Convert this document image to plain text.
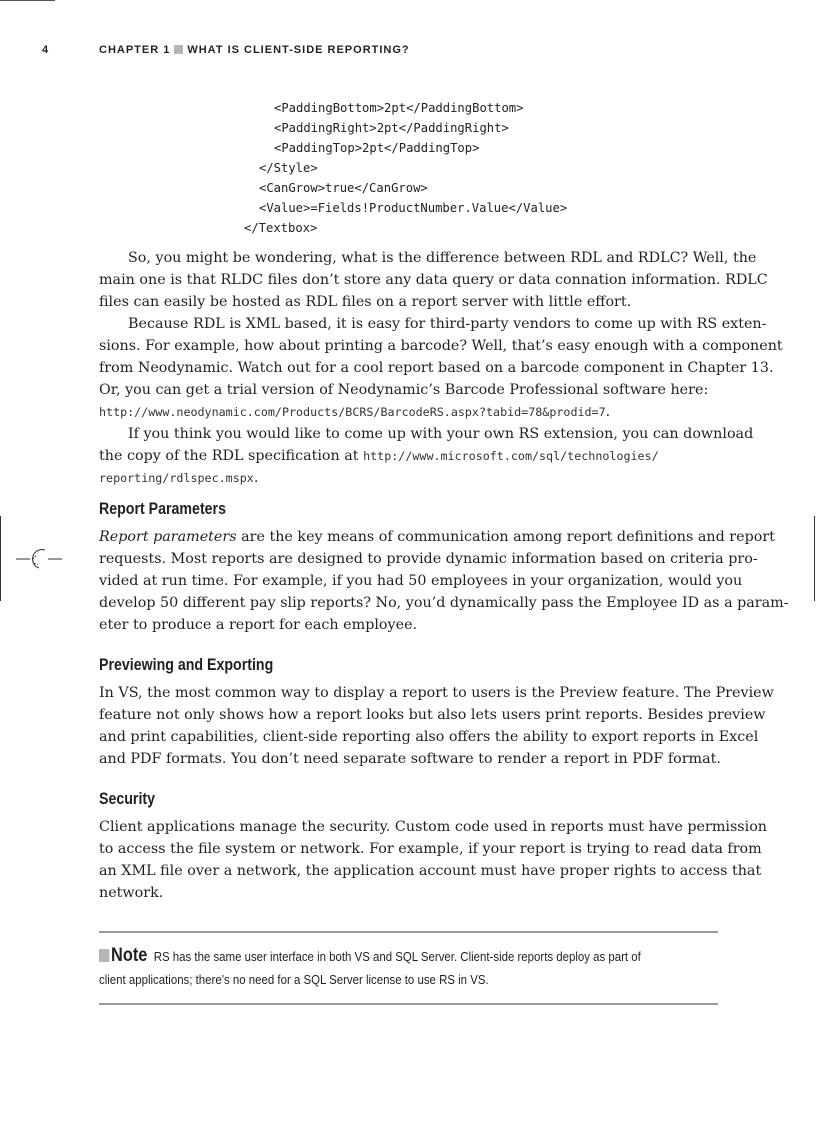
4	CHAPTER 1 WHAT IS CLIENT-SIDE REPORTING?
<PaddingBottom>2pt</PaddingBottom>
<PaddingRight>2pt</PaddingRight>
<PaddingTop>2pt</PaddingTop>
</Style>
<CanGrow>true</CanGrow>
<Value>=Fields!ProductNumber.Value</Value>
</Textbox>
So, you might be wondering, what is the difference between RDL and RDLC? Well, the
main one is that RLDC files don’t store any data query or data connation information. RDLC
files can easily be hosted as RDL files on a report server with little effort.
Because RDL is XML based, it is easy for third-party vendors to come up with RS exten-
sions. For example, how about printing a barcode? Well, that’s easy enough with a component
from Neodynamic. Watch out for a cool report based on a barcode component in Chapter 13.
Or, you can get a trial version of Neodynamic’s Barcode Professional software here:
http://www.neodynamic.com/Products/BCRS/BarcodeRS.aspx?tabid=78&prodid=7.
If you think you would like to come up with your own RS extension, you can download
the copy of the RDL specification at http://www.microsoft.com/sql/technologies/
reporting/rdlspec.mspx.
Report Parameters
Report parameters are the key means of communication among report definitions and report
requests. Most reports are designed to provide dynamic information based on criteria pro-
vided at run time. For example, if you had 50 employees in your organization, would you
develop 50 different pay slip reports? No, you’d dynamically pass the Employee ID as a param-
eter to produce a report for each employee.
Previewing and Exporting
In VS, the most common way to display a report to users is the Preview feature. The Preview
feature not only shows how a report looks but also lets users print reports. Besides preview
and print capabilities, client-side reporting also offers the ability to export reports in Excel
and PDF formats. You don’t need separate software to render a report in PDF format.
Security
Client applications manage the security. Custom code used in reports must have permission
to access the file system or network. For example, if your report is trying to read data from
an XML file over a network, the application account must have proper rights to access that
network.
Note RS has the same user interface in both VS and SQL Server. Client-side reports deploy as part of
client applications; there’s no need for a SQL Server license to use RS in VS.
